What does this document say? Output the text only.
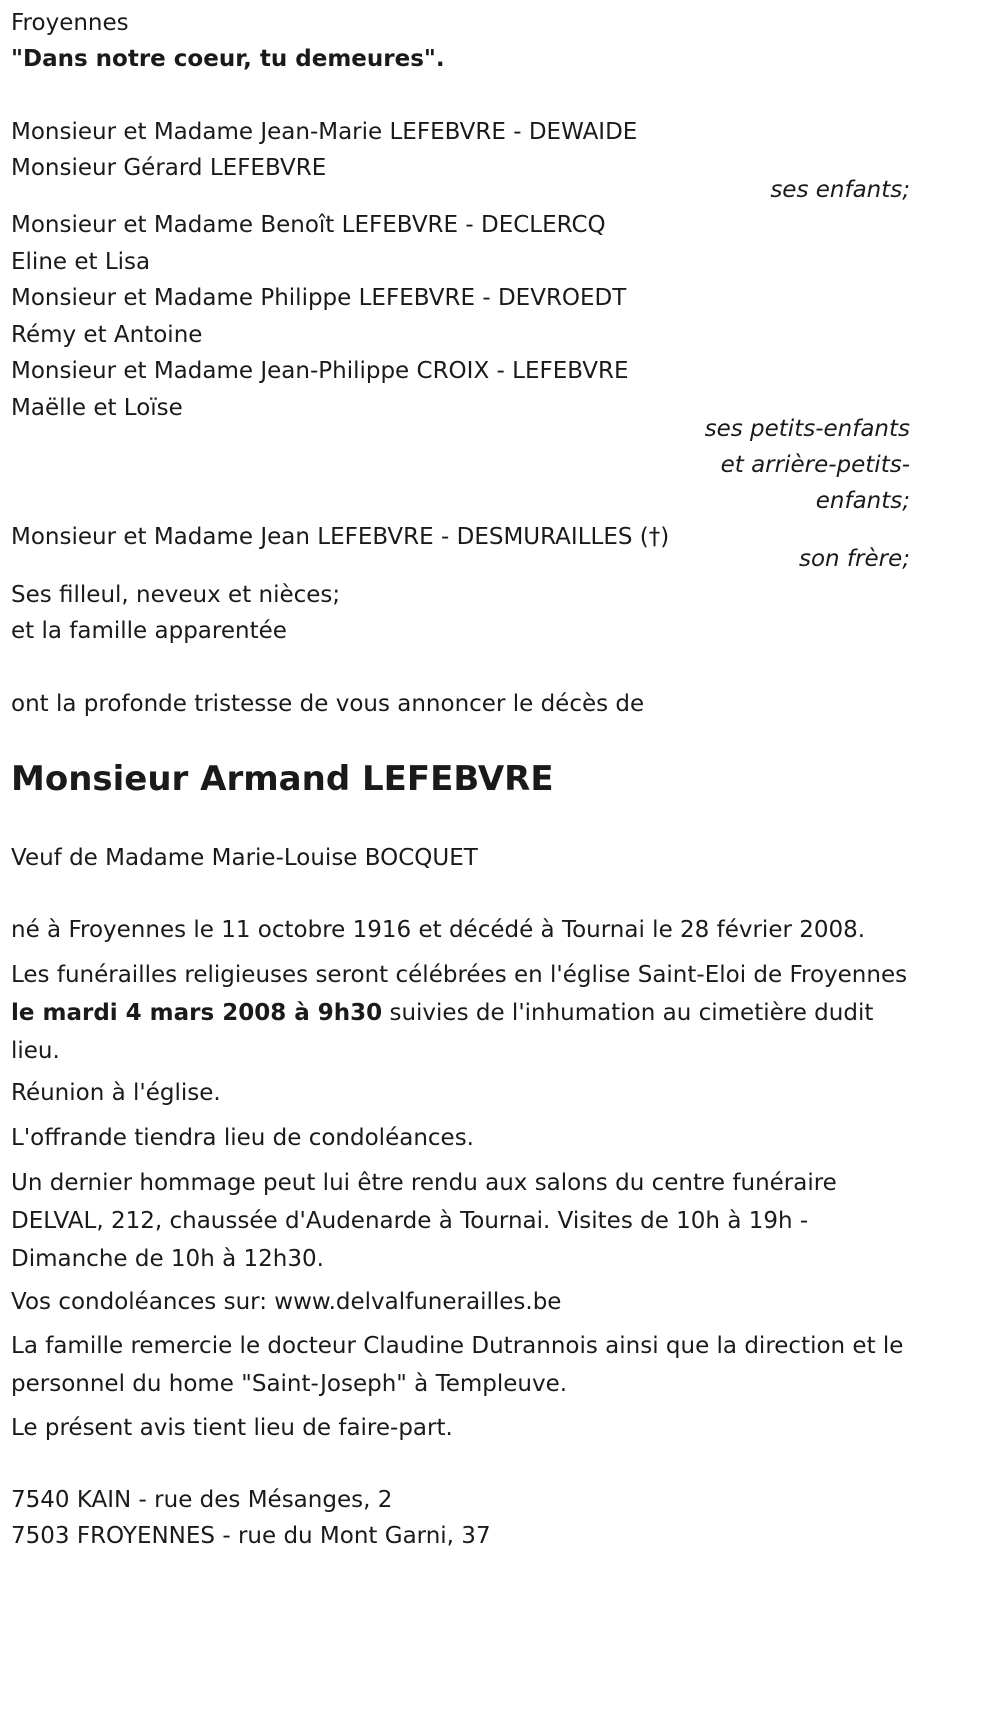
Froyennes
"Dans notre coeur, tu demeures".
Monsieur et Madame Jean-Marie LEFEBVRE - DEWAIDE
Monsieur Gérard LEFEBVRE
ses enfants;
Monsieur et Madame Benoît LEFEBVRE - DECLERCQ
Eline et Lisa
Monsieur et Madame Philippe LEFEBVRE - DEVROEDT
Rémy et Antoine
Monsieur et Madame Jean-Philippe CROIX - LEFEBVRE
Maëlle et Loïse
ses petits-enfants
et arrière-petits-
enfants;
Monsieur et Madame Jean LEFEBVRE - DESMURAILLES (†)
son frère;
Ses filleul, neveux et nièces;
et la famille apparentée
ont la profonde tristesse de vous annoncer le décès de
Monsieur Armand LEFEBVRE
Veuf de Madame Marie-Louise BOCQUET
né à Froyennes le 11 octobre 1916 et décédé à Tournai le 28 février 2008.
Les funérailles religieuses seront célébrées en l'église Saint-Eloi de Froyennes le mardi 4 mars 2008 à 9h30 suivies de l'inhumation au cimetière dudit lieu.
Réunion à l'église.
L'offrande tiendra lieu de condoléances.
Un dernier hommage peut lui être rendu aux salons du centre funéraire DELVAL, 212, chaussée d'Audenarde à Tournai. Visites de 10h à 19h - Dimanche de 10h à 12h30.
Vos condoléances sur: www.delvalfunerailles.be
La famille remercie le docteur Claudine Dutrannois ainsi que la direction et le personnel du home "Saint-Joseph" à Templeuve.
Le présent avis tient lieu de faire-part.
7540 KAIN - rue des Mésanges, 2
7503 FROYENNES - rue du Mont Garni, 37
